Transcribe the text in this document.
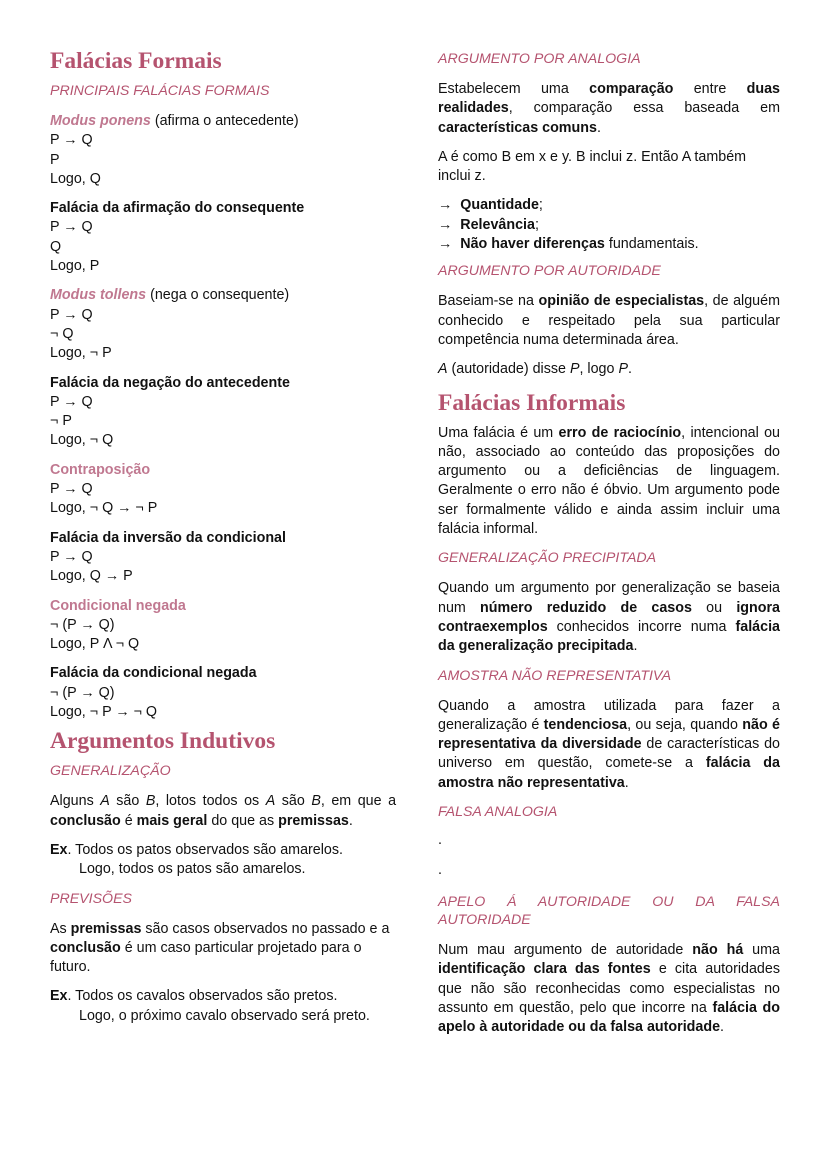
Falácias Formais
PRINCIPAIS FALÁCIAS FORMAIS
Modus ponens (afirma o antecedente)
P → Q
P
Logo, Q
Falácia da afirmação do consequente
P → Q
Q
Logo, P
Modus tollens (nega o consequente)
P → Q
¬ Q
Logo, ¬ P
Falácia da negação do antecedente
P → Q
¬ P
Logo, ¬ Q
Contraposição
P → Q
Logo, ¬ Q → ¬ P
Falácia da inversão da condicional
P → Q
Logo, Q → P
Condicional negada
¬ (P → Q)
Logo, P Λ ¬ Q
Falácia da condicional negada
¬ (P → Q)
Logo, ¬ P → ¬ Q
Argumentos Indutivos
GENERALIZAÇÃO

Alguns A são B, lotos todos os A são B, em que a conclusão é mais geral do que as premissas.

Ex. Todos os patos observados são amarelos.
Logo, todos os patos são amarelos.
PREVISÕES

As premissas são casos observados no passado e a conclusão é um caso particular projetado para o futuro.

Ex. Todos os cavalos observados são pretos.
Logo, o próximo cavalo observado será preto.
ARGUMENTO POR ANALOGIA

Estabelecem uma comparação entre duas realidades, comparação essa baseada em características comuns.

A é como B em x e y. B inclui z. Então A também inclui z.

→ Quantidade;
→ Relevância;
→ Não haver diferenças fundamentais.
ARGUMENTO POR AUTORIDADE

Baseiam-se na opinião de especialistas, de alguém conhecido e respeitado pela sua particular competência numa determinada área.

A (autoridade) disse P, logo P.

Falácias Informais

Uma falácia é um erro de raciocínio, intencional ou não, associado ao conteúdo das proposições do argumento ou a deficiências de linguagem. Geralmente o erro não é óbvio. Um argumento pode ser formalmente válido e ainda assim incluir uma falácia informal.

GENERALIZAÇÃO PRECIPITADA

Quando um argumento por generalização se baseia num número reduzido de casos ou ignora contraexemplos conhecidos incorre numa falácia da generalização precipitada.

AMOSTRA NÃO REPRESENTATIVA

Quando a amostra utilizada para fazer a generalização é tendenciosa, ou seja, quando não é representativa da diversidade de características do universo em questão, comete-se a falácia da amostra não representativa.

FALSA ANALOGIA
.
.
APELO Á AUTORIDADE OU DA FALSA AUTORIDADE

Num mau argumento de autoridade não há uma identificação clara das fontes e cita autoridades que não são reconhecidas como especialistas no assunto em questão, pelo que incorre na falácia do apelo à autoridade ou da falsa autoridade.
